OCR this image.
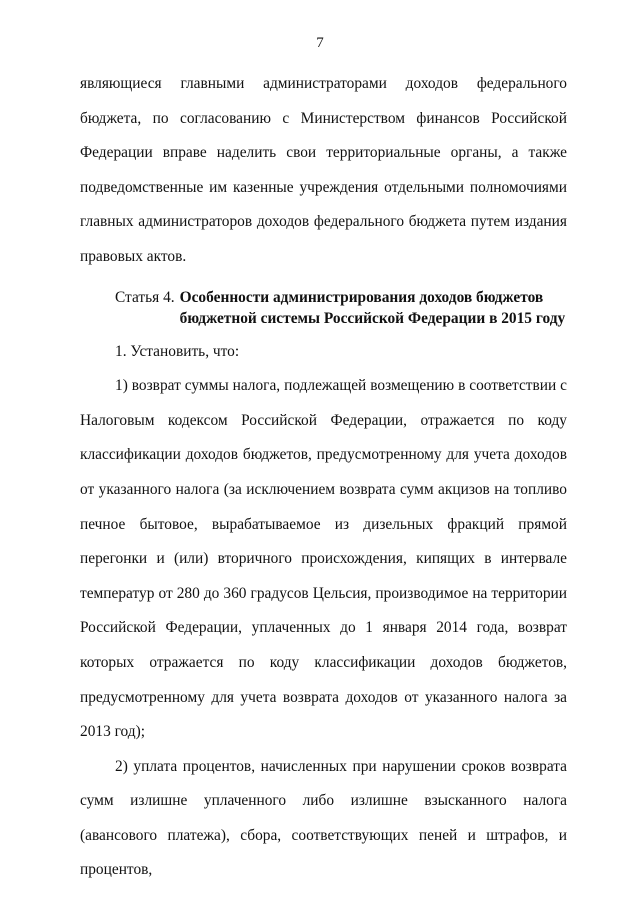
7

являющиеся главными администраторами доходов федерального бюджета, по согласованию с Министерством финансов Российской Федерации вправе наделить свои территориальные органы, а также подведомственные им казенные учреждения отдельными полномочиями главных администраторов доходов федерального бюджета путем издания правовых актов.

Статья 4. Особенности администрирования доходов бюджетов бюджетной системы Российской Федерации в 2015 году

1. Установить, что:

1) возврат суммы налога, подлежащей возмещению в соответствии с Налоговым кодексом Российской Федерации, отражается по коду классификации доходов бюджетов, предусмотренному для учета доходов от указанного налога (за исключением возврата сумм акцизов на топливо печное бытовое, вырабатываемое из дизельных фракций прямой перегонки и (или) вторичного происхождения, кипящих в интервале температур от 280 до 360 градусов Цельсия, производимое на территории Российской Федерации, уплаченных до 1 января 2014 года, возврат которых отражается по коду классификации доходов бюджетов, предусмотренному для учета возврата доходов от указанного налога за 2013 год);

2) уплата процентов, начисленных при нарушении сроков возврата сумм излишне уплаченного либо излишне взысканного налога (авансового платежа), сбора, соответствующих пеней и штрафов, и процентов,
